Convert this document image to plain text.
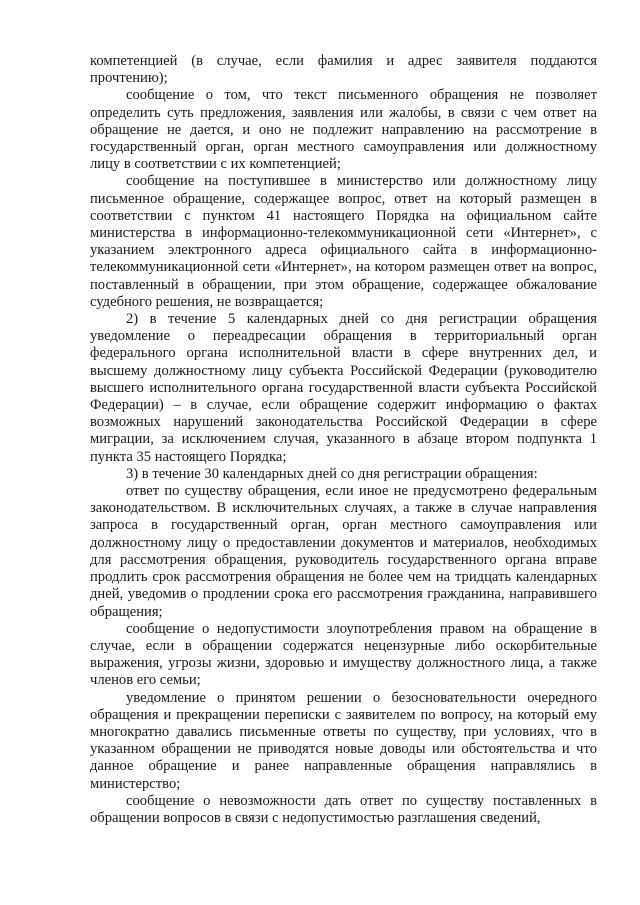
компетенцией (в случае, если фамилия и адрес заявителя поддаются прочтению);

сообщение о том, что текст письменного обращения не позволяет определить суть предложения, заявления или жалобы, в связи с чем ответ на обращение не дается, и оно не подлежит направлению на рассмотрение в государственный орган, орган местного самоуправления или должностному лицу в соответствии с их компетенцией;

сообщение на поступившее в министерство или должностному лицу письменное обращение, содержащее вопрос, ответ на который размещен в соответствии с пунктом 41 настоящего Порядка на официальном сайте министерства в информационно-телекоммуникационной сети «Интернет», с указанием электронного адреса официального сайта в информационно-телекоммуникационной сети «Интернет», на котором размещен ответ на вопрос, поставленный в обращении, при этом обращение, содержащее обжалование судебного решения, не возвращается;

2) в течение 5 календарных дней со дня регистрации обращения уведомление о переадресации обращения в территориальный орган федерального органа исполнительной власти в сфере внутренних дел, и высшему должностному лицу субъекта Российской Федерации (руководителю высшего исполнительного органа государственной власти субъекта Российской Федерации) – в случае, если обращение содержит информацию о фактах возможных нарушений законодательства Российской Федерации в сфере миграции, за исключением случая, указанного в абзаце втором подпункта 1 пункта 35 настоящего Порядка;

3) в течение 30 календарных дней со дня регистрации обращения:

ответ по существу обращения, если иное не предусмотрено федеральным законодательством. В исключительных случаях, а также в случае направления запроса в государственный орган, орган местного самоуправления или должностному лицу о предоставлении документов и материалов, необходимых для рассмотрения обращения, руководитель государственного органа вправе продлить срок рассмотрения обращения не более чем на тридцать календарных дней, уведомив о продлении срока его рассмотрения гражданина, направившего обращения;

сообщение о недопустимости злоупотребления правом на обращение в случае, если в обращении содержатся нецензурные либо оскорбительные выражения, угрозы жизни, здоровью и имуществу должностного лица, а также членов его семьи;

уведомление о принятом решении о безосновательности очередного обращения и прекращении переписки с заявителем по вопросу, на который ему многократно давались письменные ответы по существу, при условиях, что в указанном обращении не приводятся новые доводы или обстоятельства и что данное обращение и ранее направленные обращения направлялись в министерство;

сообщение о невозможности дать ответ по существу поставленных в обращении вопросов в связи с недопустимостью разглашения сведений,
